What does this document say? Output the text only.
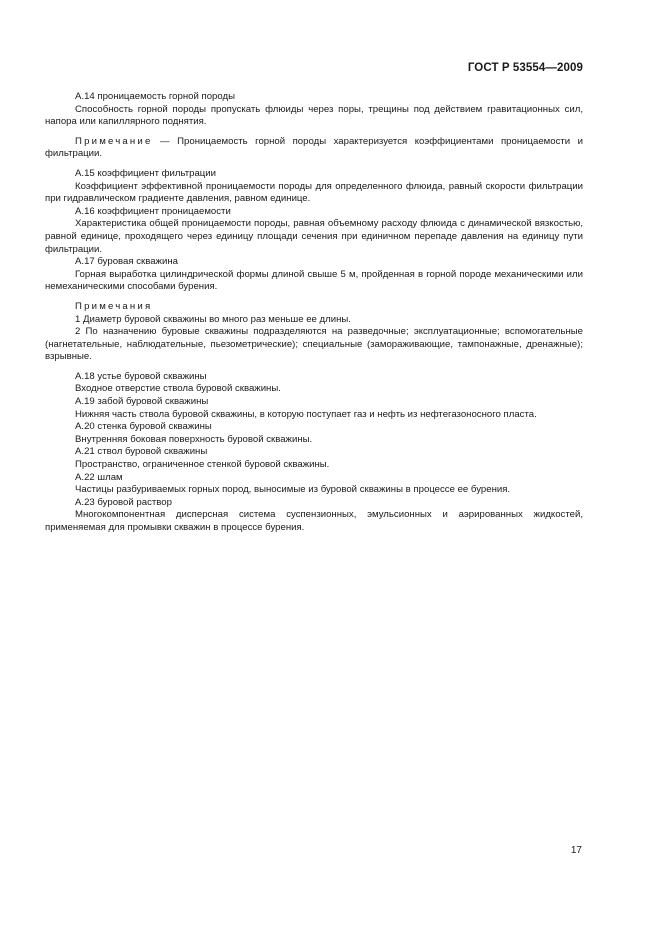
ГОСТ Р 53554—2009

А.14 проницаемость горной породы

Способность горной породы пропускать флюиды через поры, трещины под действием гравитационных сил, напора или капиллярного поднятия.

Примечание — Проницаемость горной породы характеризуется коэффициентами проницаемости и фильтрации.

А.15 коэффициент фильтрации

Коэффициент эффективной проницаемости породы для определенного флюида, равный скорости фильтрации при гидравлическом градиенте давления, равном единице.

А.16 коэффициент проницаемости

Характеристика общей проницаемости породы, равная объемному расходу флюида с динамической вязкостью, равной единице, проходящего через единицу площади сечения при единичном перепаде давления на единицу пути фильтрации.

А.17 буровая скважина

Горная выработка цилиндрической формы длиной свыше 5 м, пройденная в горной породе механическими или немеханическими способами бурения.

Примечания

1 Диаметр буровой скважины во много раз меньше ее длины.

2 По назначению буровые скважины подразделяются на разведочные; эксплуатационные; вспомогательные (нагнетательные, наблюдательные, пьезометрические); специальные (замораживающие, тампонажные, дренажные); взрывные.

А.18 устье буровой скважины

Входное отверстие ствола буровой скважины.

А.19 забой буровой скважины

Нижняя часть ствола буровой скважины, в которую поступает газ и нефть из нефтегазоносного пласта.

А.20 стенка буровой скважины

Внутренняя боковая поверхность буровой скважины.

А.21 ствол буровой скважины

Пространство, ограниченное стенкой буровой скважины.

А.22 шлам

Частицы разбуриваемых горных пород, выносимые из буровой скважины в процессе ее бурения.

А.23 буровой раствор

Многокомпонентная дисперсная система суспензионных, эмульсионных и аэрированных жидкостей, применяемая для промывки скважин в процессе бурения.

17
